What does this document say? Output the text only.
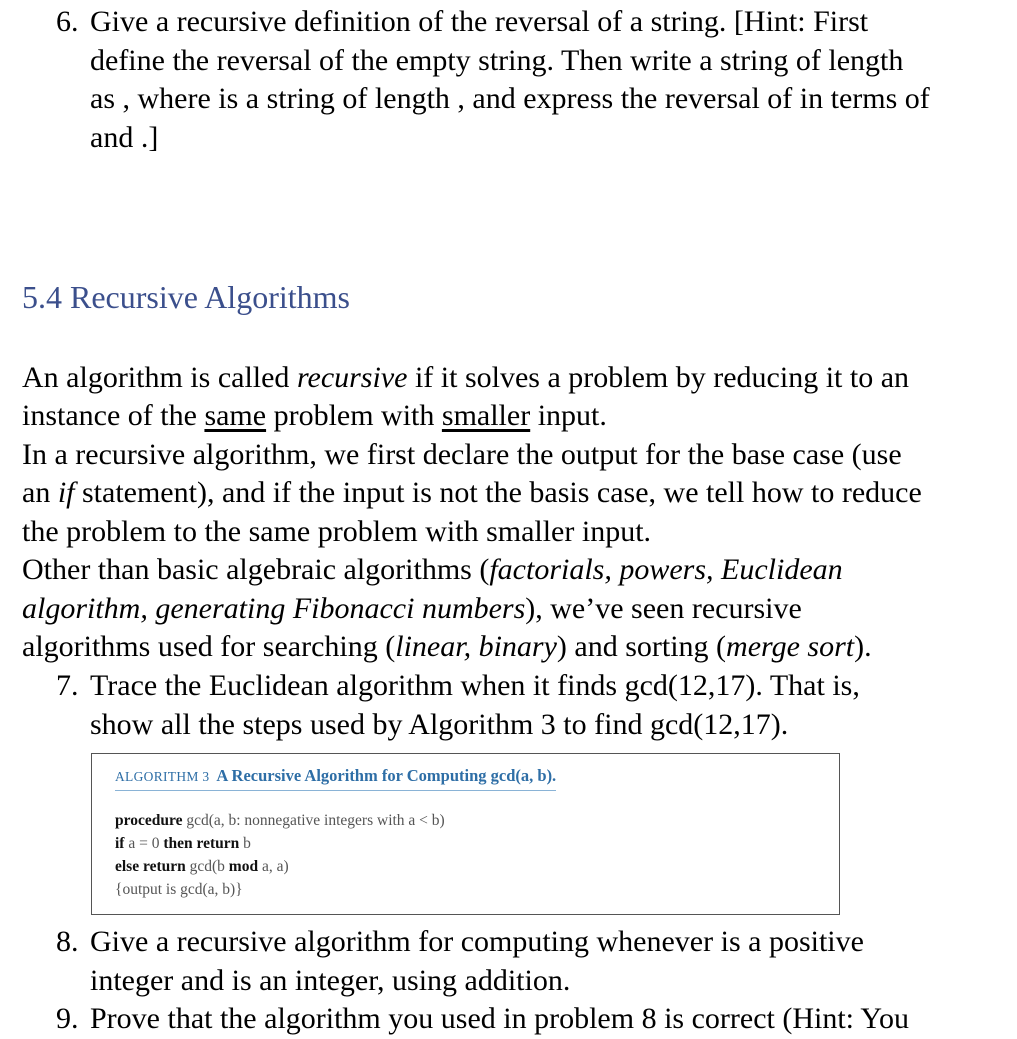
6. Give a recursive definition of the reversal of a string. [Hint: First
define the reversal of the empty string. Then write a string of length
as , where is a string of length , and express the reversal of in terms of
and .]
5.4 Recursive Algorithms
An algorithm is called recursive if it solves a problem by reducing it to an
instance of the same problem with smaller input.
In a recursive algorithm, we first declare the output for the base case (use
an if statement), and if the input is not the basis case, we tell how to reduce
the problem to the same problem with smaller input.
Other than basic algebraic algorithms (factorials, powers, Euclidean
algorithm, generating Fibonacci numbers), we’ve seen recursive
algorithms used for searching (linear, binary) and sorting (merge sort).
7. Trace the Euclidean algorithm when it finds gcd(12,17). That is,
show all the steps used by Algorithm 3 to find gcd(12,17).
ALGORITHM 3 A Recursive Algorithm for Computing gcd(a, b).
procedure gcd(a, b: nonnegative integers with a < b)
if a = 0 then return b
else return gcd(b mod a, a)
{output is gcd(a, b)}
8. Give a recursive algorithm for computing whenever is a positive
integer and is an integer, using addition.
9. Prove that the algorithm you used in problem 8 is correct (Hint: You
